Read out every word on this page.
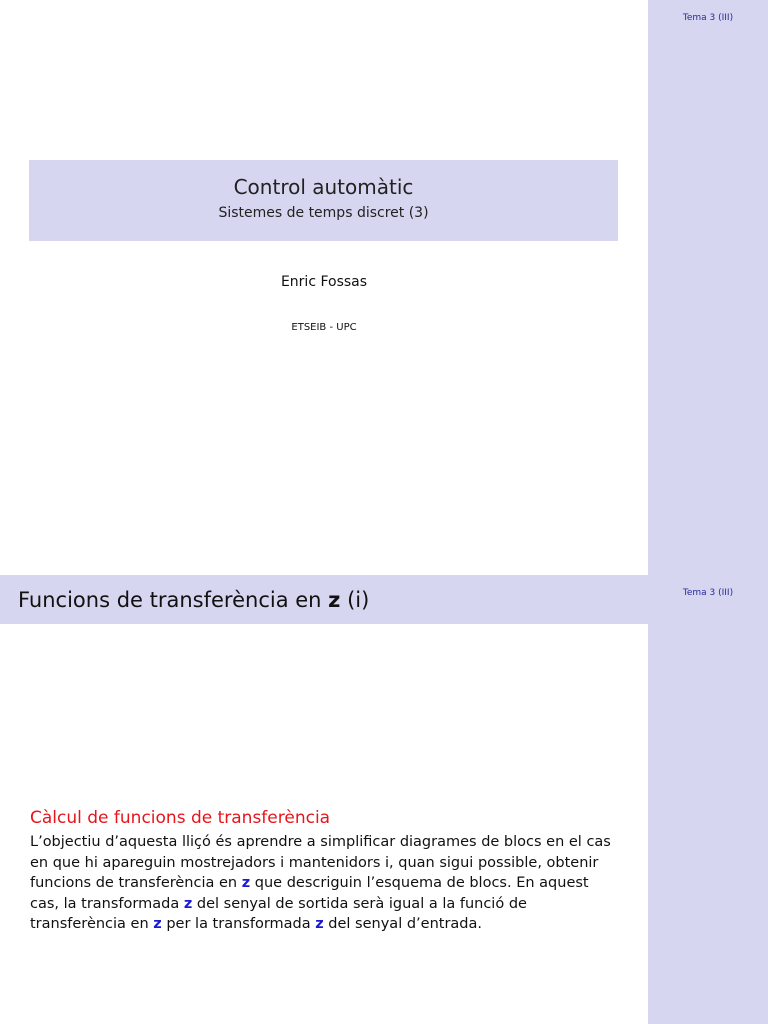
Tema 3 (III)
Control automàtic
Sistemes de temps discret (3)
Enric Fossas
ETSEIB - UPC
Tema 3 (III)
Funcions de transferència en z (i)
Càlcul de funcions de transferència
L’objectiu d’aquesta lliçó és aprendre a simplificar diagrames de blocs en el cas
en que hi apareguin mostrejadors i mantenidors i, quan sigui possible, obtenir
funcions de transferència en z que descriguin l’esquema de blocs. En aquest
cas, la transformada z del senyal de sortida serà igual a la funció de
transferència en z per la transformada z del senyal d’entrada.
